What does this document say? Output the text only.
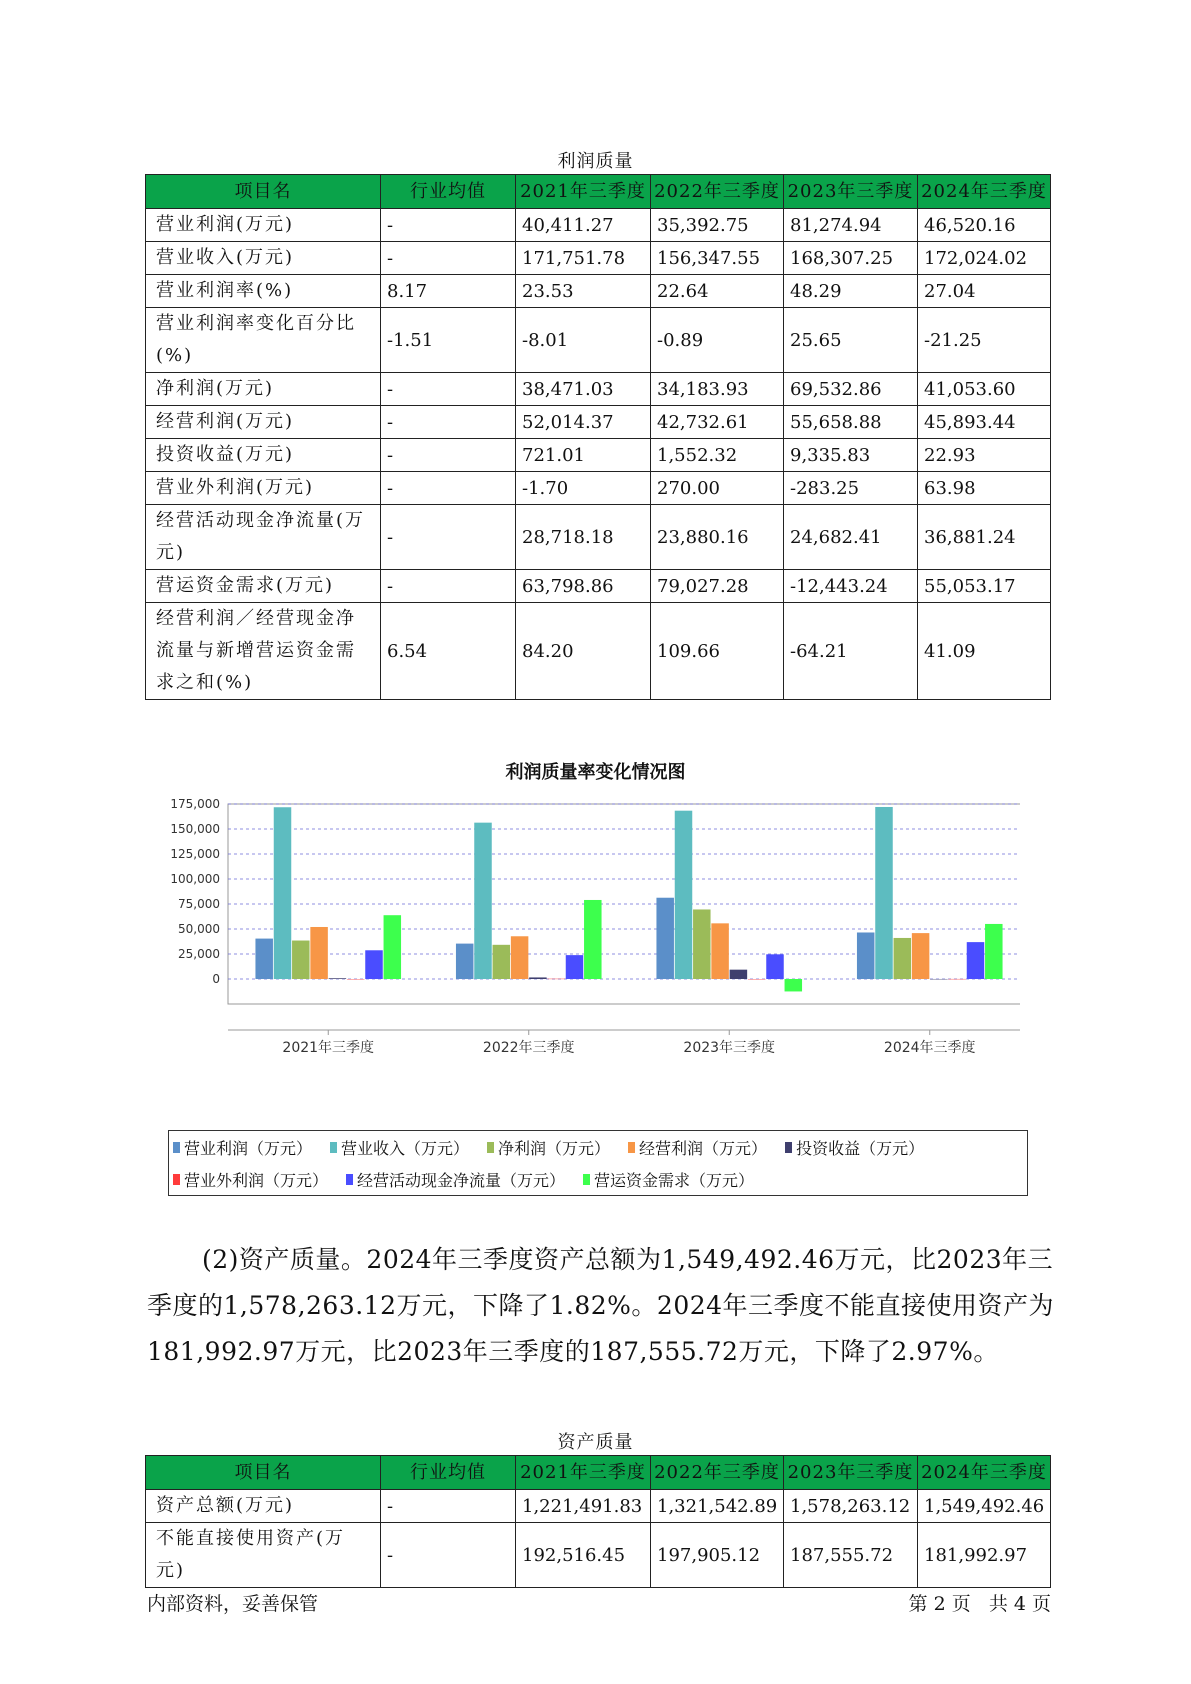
利润质量
项目名	行业均值	2021年三季度	2022年三季度	2023年三季度	2024年三季度
营业利润(万元)	-	40,411.27	35,392.75	81,274.94	46,520.16
营业收入(万元)	-	171,751.78	156,347.55	168,307.25	172,024.02
营业利润率(%)	8.17	23.53	22.64	48.29	27.04
营业利润率变化百分比(%)	-1.51	-8.01	-0.89	25.65	-21.25
净利润(万元)	-	38,471.03	34,183.93	69,532.86	41,053.60
经营利润(万元)	-	52,014.37	42,732.61	55,658.88	45,893.44
投资收益(万元)	-	721.01	1,552.32	9,335.83	22.93
营业外利润(万元)	-	-1.70	270.00	-283.25	63.98
经营活动现金净流量(万元)	-	28,718.18	23,880.16	24,682.41	36,881.24
营运资金需求(万元)	-	63,798.86	79,027.28	-12,443.24	55,053.17
经营利润／经营现金净流量与新增营运资金需求之和(%)	6.54	84.20	109.66	-64.21	41.09
利润质量率变化情况图
0
25,000
50,000
75,000
100,000
125,000
150,000
175,000
2021年三季度	2022年三季度	2023年三季度	2024年三季度
营业利润（万元） 营业收入（万元） 净利润（万元） 经营利润（万元） 投资收益（万元）
营业外利润（万元） 经营活动现金净流量（万元） 营运资金需求（万元）

(2)资产质量。2024年三季度资产总额为1,549,492.46万元，比2023年三季度的1,578,263.12万元，下降了1.82%。2024年三季度不能直接使用资产为181,992.97万元，比2023年三季度的187,555.72万元，下降了2.97%。

资产质量
项目名	行业均值	2021年三季度	2022年三季度	2023年三季度	2024年三季度
资产总额(万元)	-	1,221,491.83	1,321,542.89	1,578,263.12	1,549,492.46
不能直接使用资产(万元)	-	192,516.45	197,905.12	187,555.72	181,992.97
内部资料，妥善保管	第 2 页   共 4 页
